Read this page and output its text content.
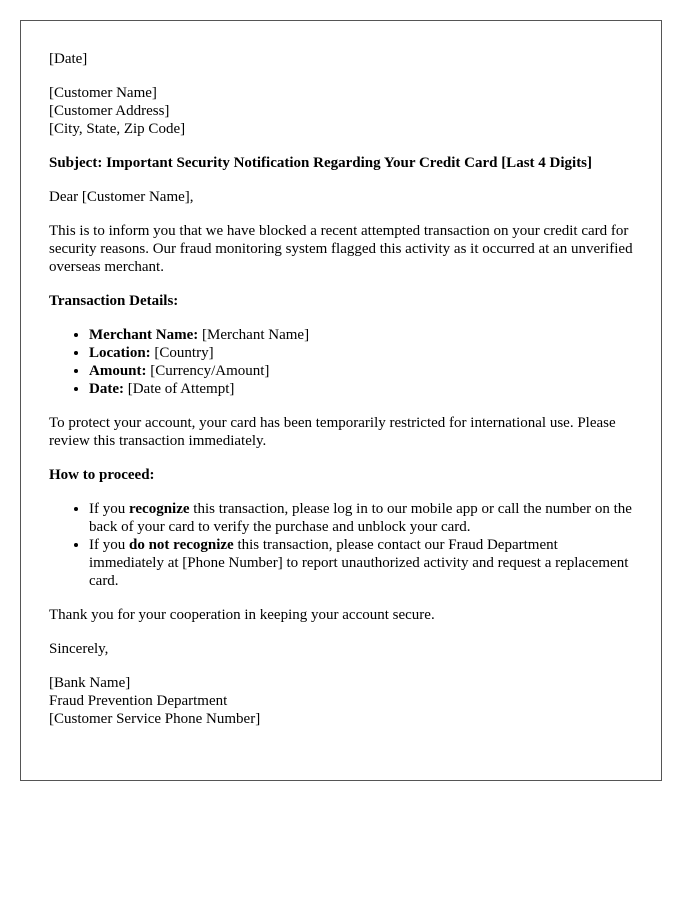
[Date]

[Customer Name]
[Customer Address]
[City, State, Zip Code]

Subject: Important Security Notification Regarding Your Credit Card [Last 4 Digits]

Dear [Customer Name],

This is to inform you that we have blocked a recent attempted transaction on your credit card for security reasons. Our fraud monitoring system flagged this activity as it occurred at an unverified overseas merchant.

Transaction Details:

• Merchant Name: [Merchant Name]
• Location: [Country]
• Amount: [Currency/Amount]
• Date: [Date of Attempt]

To protect your account, your card has been temporarily restricted for international use. Please review this transaction immediately.

How to proceed:

• If you recognize this transaction, please log in to our mobile app or call the number on the back of your card to verify the purchase and unblock your card.
• If you do not recognize this transaction, please contact our Fraud Department immediately at [Phone Number] to report unauthorized activity and request a replacement card.

Thank you for your cooperation in keeping your account secure.

Sincerely,

[Bank Name]
Fraud Prevention Department
[Customer Service Phone Number]
